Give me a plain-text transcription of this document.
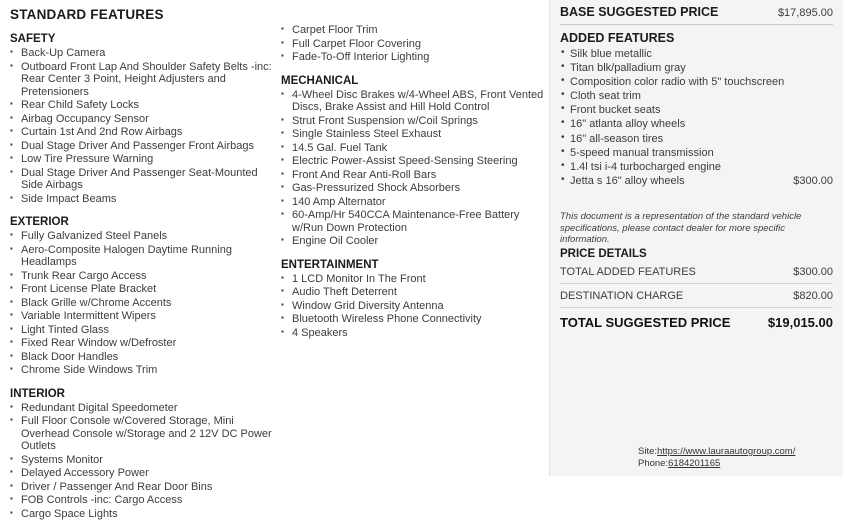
STANDARD FEATURES
SAFETY
▪ Back-Up Camera
▪ Outboard Front Lap And Shoulder Safety Belts -inc: Rear Center 3 Point, Height Adjusters and Pretensioners
▪ Rear Child Safety Locks
▪ Airbag Occupancy Sensor
▪ Curtain 1st And 2nd Row Airbags
▪ Dual Stage Driver And Passenger Front Airbags
▪ Low Tire Pressure Warning
▪ Dual Stage Driver And Passenger Seat-Mounted Side Airbags
▪ Side Impact Beams
EXTERIOR
▪ Fully Galvanized Steel Panels
▪ Aero-Composite Halogen Daytime Running Headlamps
▪ Trunk Rear Cargo Access
▪ Front License Plate Bracket
▪ Black Grille w/Chrome Accents
▪ Variable Intermittent Wipers
▪ Light Tinted Glass
▪ Fixed Rear Window w/Defroster
▪ Black Door Handles
▪ Chrome Side Windows Trim
INTERIOR
▪ Redundant Digital Speedometer
▪ Full Floor Console w/Covered Storage, Mini Overhead Console w/Storage and 2 12V DC Power Outlets
▪ Systems Monitor
▪ Delayed Accessory Power
▪ Driver / Passenger And Rear Door Bins
▪ FOB Controls -inc: Cargo Access
▪ Cargo Space Lights
▪ Carpet Floor Trim
▪ Full Carpet Floor Covering
▪ Fade-To-Off Interior Lighting
MECHANICAL
▪ 4-Wheel Disc Brakes w/4-Wheel ABS, Front Vented Discs, Brake Assist and Hill Hold Control
▪ Strut Front Suspension w/Coil Springs
▪ Single Stainless Steel Exhaust
▪ 14.5 Gal. Fuel Tank
▪ Electric Power-Assist Speed-Sensing Steering
▪ Front And Rear Anti-Roll Bars
▪ Gas-Pressurized Shock Absorbers
▪ 140 Amp Alternator
▪ 60-Amp/Hr 540CCA Maintenance-Free Battery w/Run Down Protection
▪ Engine Oil Cooler
ENTERTAINMENT
▪ 1 LCD Monitor In The Front
▪ Audio Theft Deterrent
▪ Window Grid Diversity Antenna
▪ Bluetooth Wireless Phone Connectivity
▪ 4 Speakers
BASE SUGGESTED PRICE	$17,895.00
ADDED FEATURES
• Silk blue metallic
• Titan blk/palladium gray
• Composition color radio with 5" touchscreen
• Cloth seat trim
• Front bucket seats
• 16" atlanta alloy wheels
• 16" all-season tires
• 5-speed manual transmission
• 1.4l tsi i-4 turbocharged engine
• Jetta s 16" alloy wheels	$300.00

This document is a representation of the standard vehicle specifications, please contact dealer for more specific information.

PRICE DETAILS
TOTAL ADDED FEATURES	$300.00
DESTINATION CHARGE	$820.00
TOTAL SUGGESTED PRICE	$19,015.00
Site:https://www.lauraautogroup.com/
Phone:6184201165
